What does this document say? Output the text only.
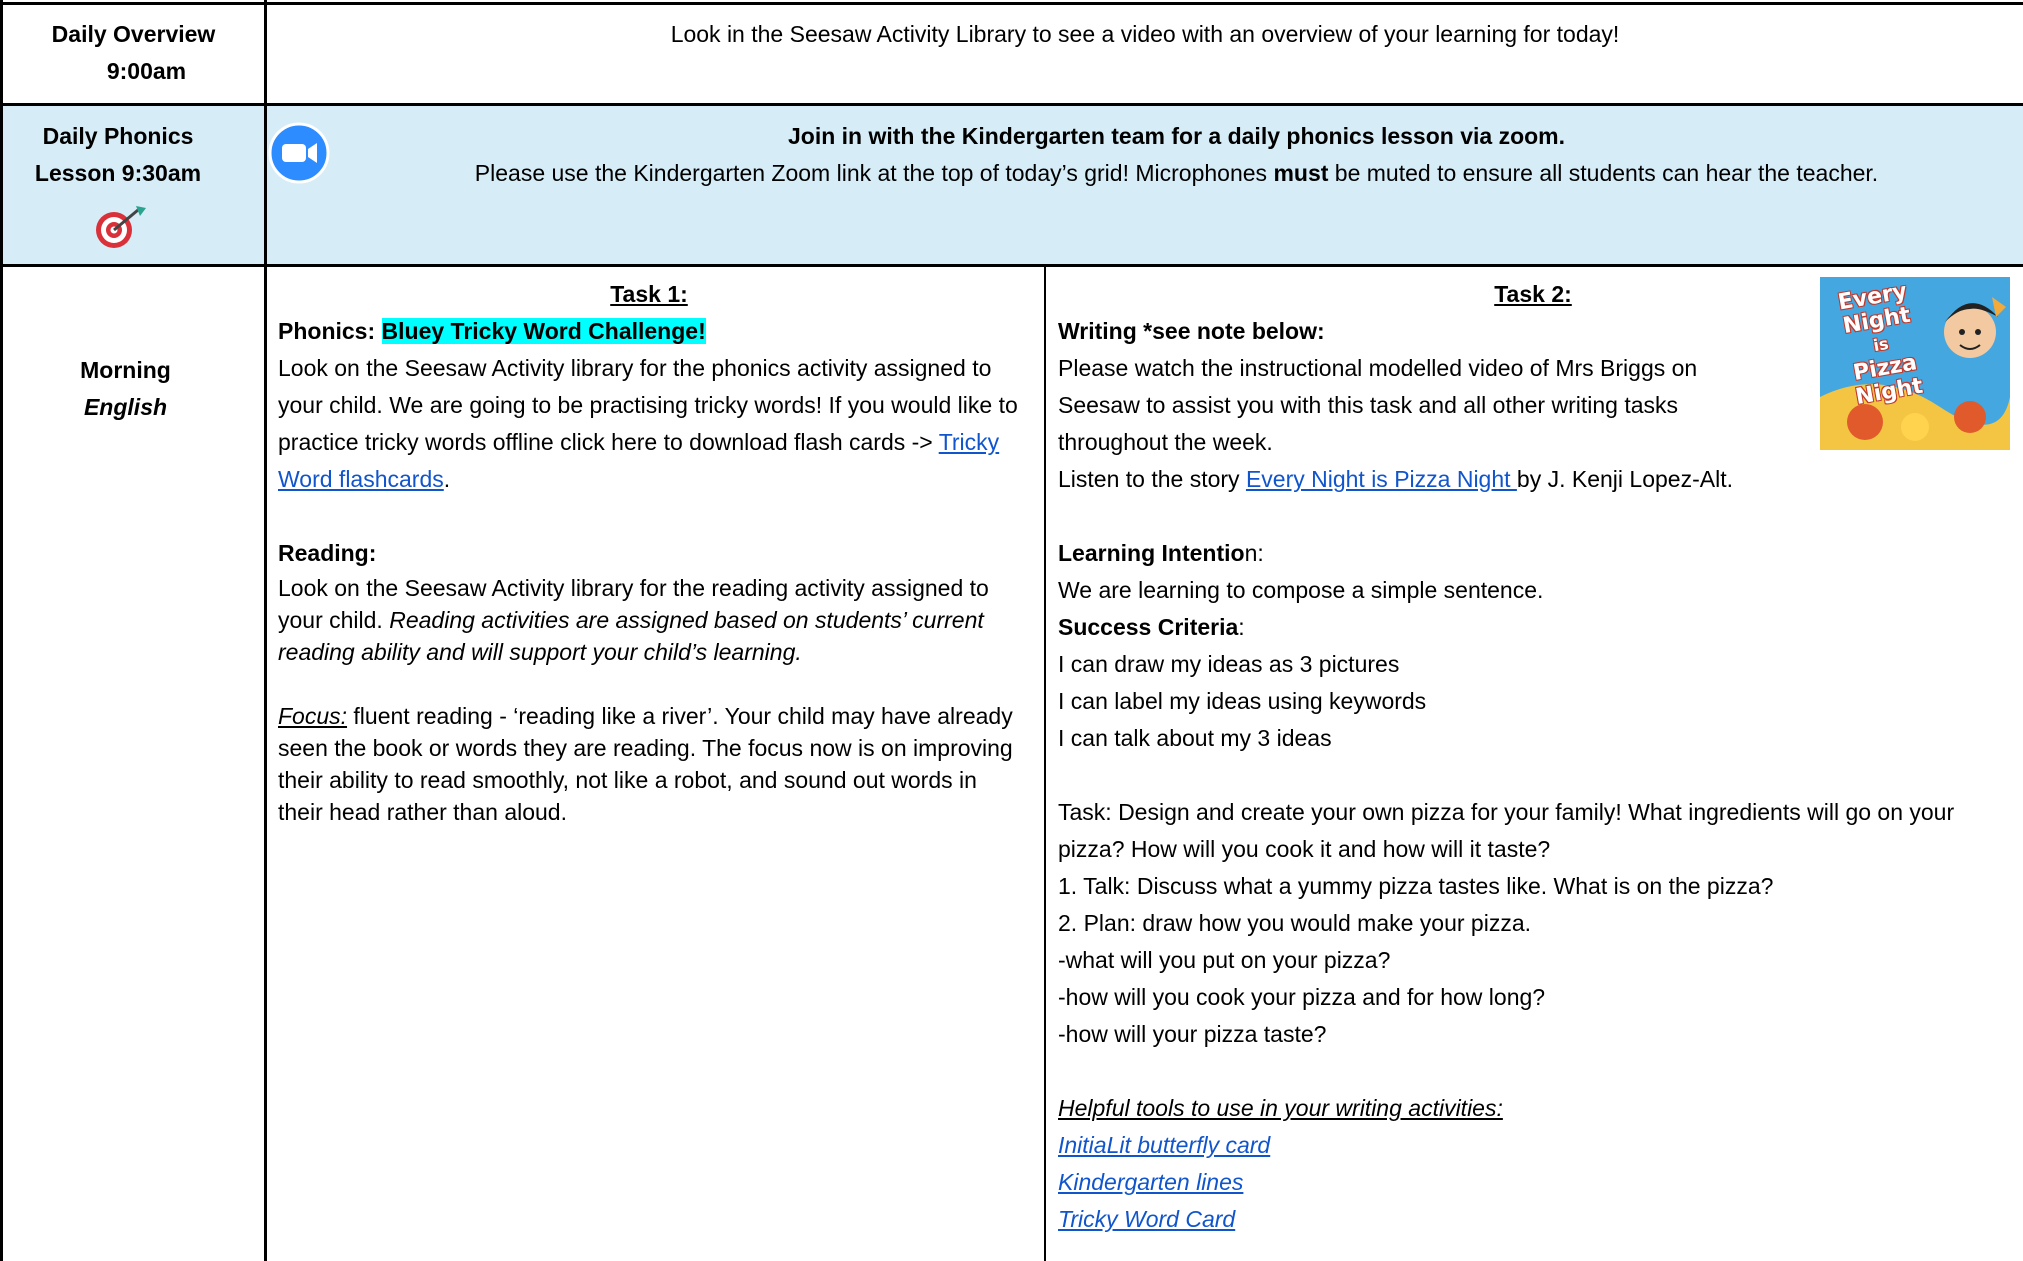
Daily Overview
9:00am
Look in the Seesaw Activity Library to see a video with an overview of your learning for today!
Daily Phonics
Lesson 9:30am

Join in with the Kindergarten team for a daily phonics lesson via zoom.

Please use the Kindergarten Zoom link at the top of today’s grid! Microphones must be muted to ensure all students can hear the teacher.

Morning
English

Task 1:

Phonics: Bluey Tricky Word Challenge!

Look on the Seesaw Activity library for the phonics activity assigned to your child. We are going to be practising tricky words! If you would like to practice tricky words offline click here to download flash cards -> Tricky Word flashcards.

Reading:

Look on the Seesaw Activity library for the reading activity assigned to your child. Reading activities are assigned based on students’ current reading ability and will support your child’s learning.

Focus: fluent reading - ‘reading like a river’. Your child may have already seen the book or words they are reading. The focus now is on improving their ability to read smoothly, not like a robot, and sound out words in their head rather than aloud.

Task 2:

Writing *see note below:

Please watch the instructional modelled video of Mrs Briggs on Seesaw to assist you with this task and all other writing tasks throughout the week.

Listen to the story Every Night is Pizza Night by J. Kenji Lopez-Alt.

Learning Intention:

We are learning to compose a simple sentence.

Success Criteria:

I can draw my ideas as 3 pictures

I can label my ideas using keywords

I can talk about my 3 ideas

Task: Design and create your own pizza for your family! What ingredients will go on your pizza? How will you cook it and how will it taste?

1. Talk: Discuss what a yummy pizza tastes like. What is on the pizza?

2. Plan: draw how you would make your pizza.

-what will you put on your pizza?

-how will you cook your pizza and for how long?

-how will your pizza taste?

Helpful tools to use in your writing activities:

InitiaLit butterfly card

Kindergarten lines

Tricky Word Card

Every Night
is
Pizza Night
